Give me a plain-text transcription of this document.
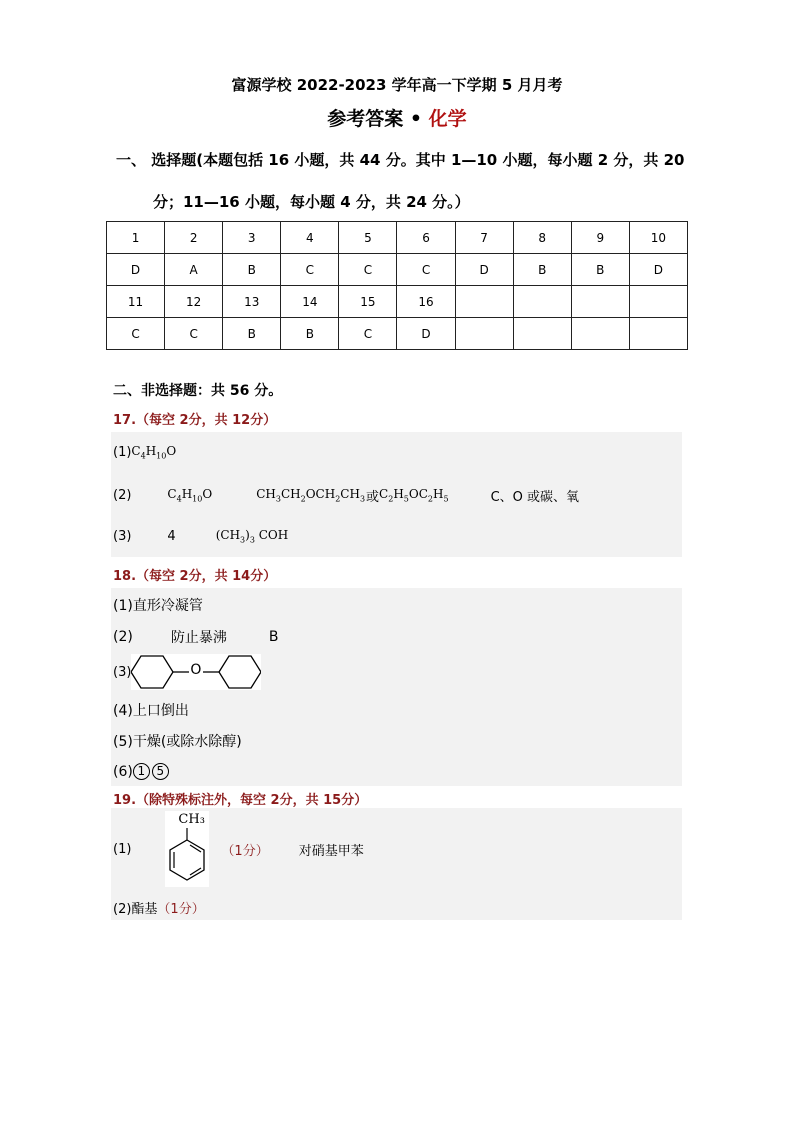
富源学校 2022-2023 学年高一下学期 5 月月考
参考答案 • 化学
一、 选择题(本题包括 16 小题，共 44 分。其中 1—10 小题，每小题 2 分，共 20
分；11—16 小题，每小题 4 分，共 24 分。）
1	2	3	4	5	6	7	8	9	10
D	A	B	C	C	C	D	B	B	D
11	12	13	14	15	16				
C	C	B	B	C	D				
二、非选择题：共 56 分。
17.（每空 2分，共 12分）
(1) $C_4H_{10}O$
(2)	$C_4H_{10}O$	$CH_3CH_2OCH_2CH_3$ 或 $C_2H_5OC_2H_5$	C、O 或碳、氧
(3)	4	$(CH_3)_3$ COH
18.（每空 2分，共 14分）
(1)直形冷凝管
(2)	防止暴沸	B
(3)	O
(4)上口倒出
(5)干燥(或除水除醇)
(6) 1 5
19.（除特殊标注外，每空 2分，共 15分）
(1)
CH₃
（1分） 对硝基甲苯
(2)酯基 （1分）
